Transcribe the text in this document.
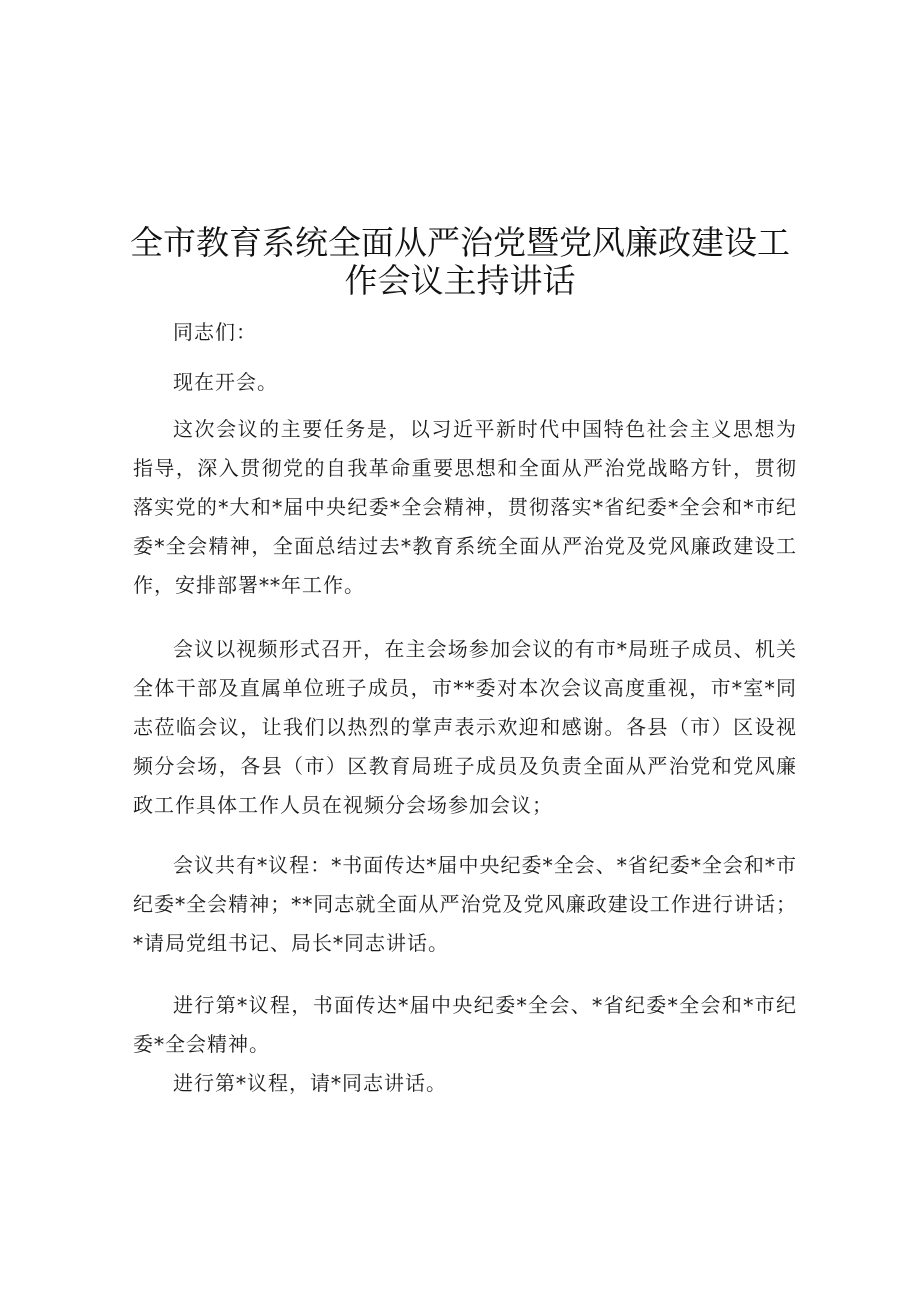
全市教育系统全面从严治党暨党风廉政建设工
作会议主持讲话

同志们：

现在开会。

这次会议的主要任务是，以习近平新时代中国特色社会主义思想为指导，深入贯彻党的自我革命重要思想和全面从严治党战略方针，贯彻落实党的*大和*届中央纪委*全会精神，贯彻落实*省纪委*全会和*市纪委*全会精神，全面总结过去*教育系统全面从严治党及党风廉政建设工作，安排部署**年工作。

会议以视频形式召开，在主会场参加会议的有市*局班子成员、机关全体干部及直属单位班子成员，市**委对本次会议高度重视，市*室*同志莅临会议，让我们以热烈的掌声表示欢迎和感谢。各县（市）区设视频分会场，各县（市）区教育局班子成员及负责全面从严治党和党风廉政工作具体工作人员在视频分会场参加会议；

会议共有*议程：*书面传达*届中央纪委*全会、*省纪委*全会和*市纪委*全会精神；**同志就全面从严治党及党风廉政建设工作进行讲话；*请局党组书记、局长*同志讲话。

进行第*议程，书面传达*届中央纪委*全会、*省纪委*全会和*市纪委*全会精神。

进行第*议程，请*同志讲话。
